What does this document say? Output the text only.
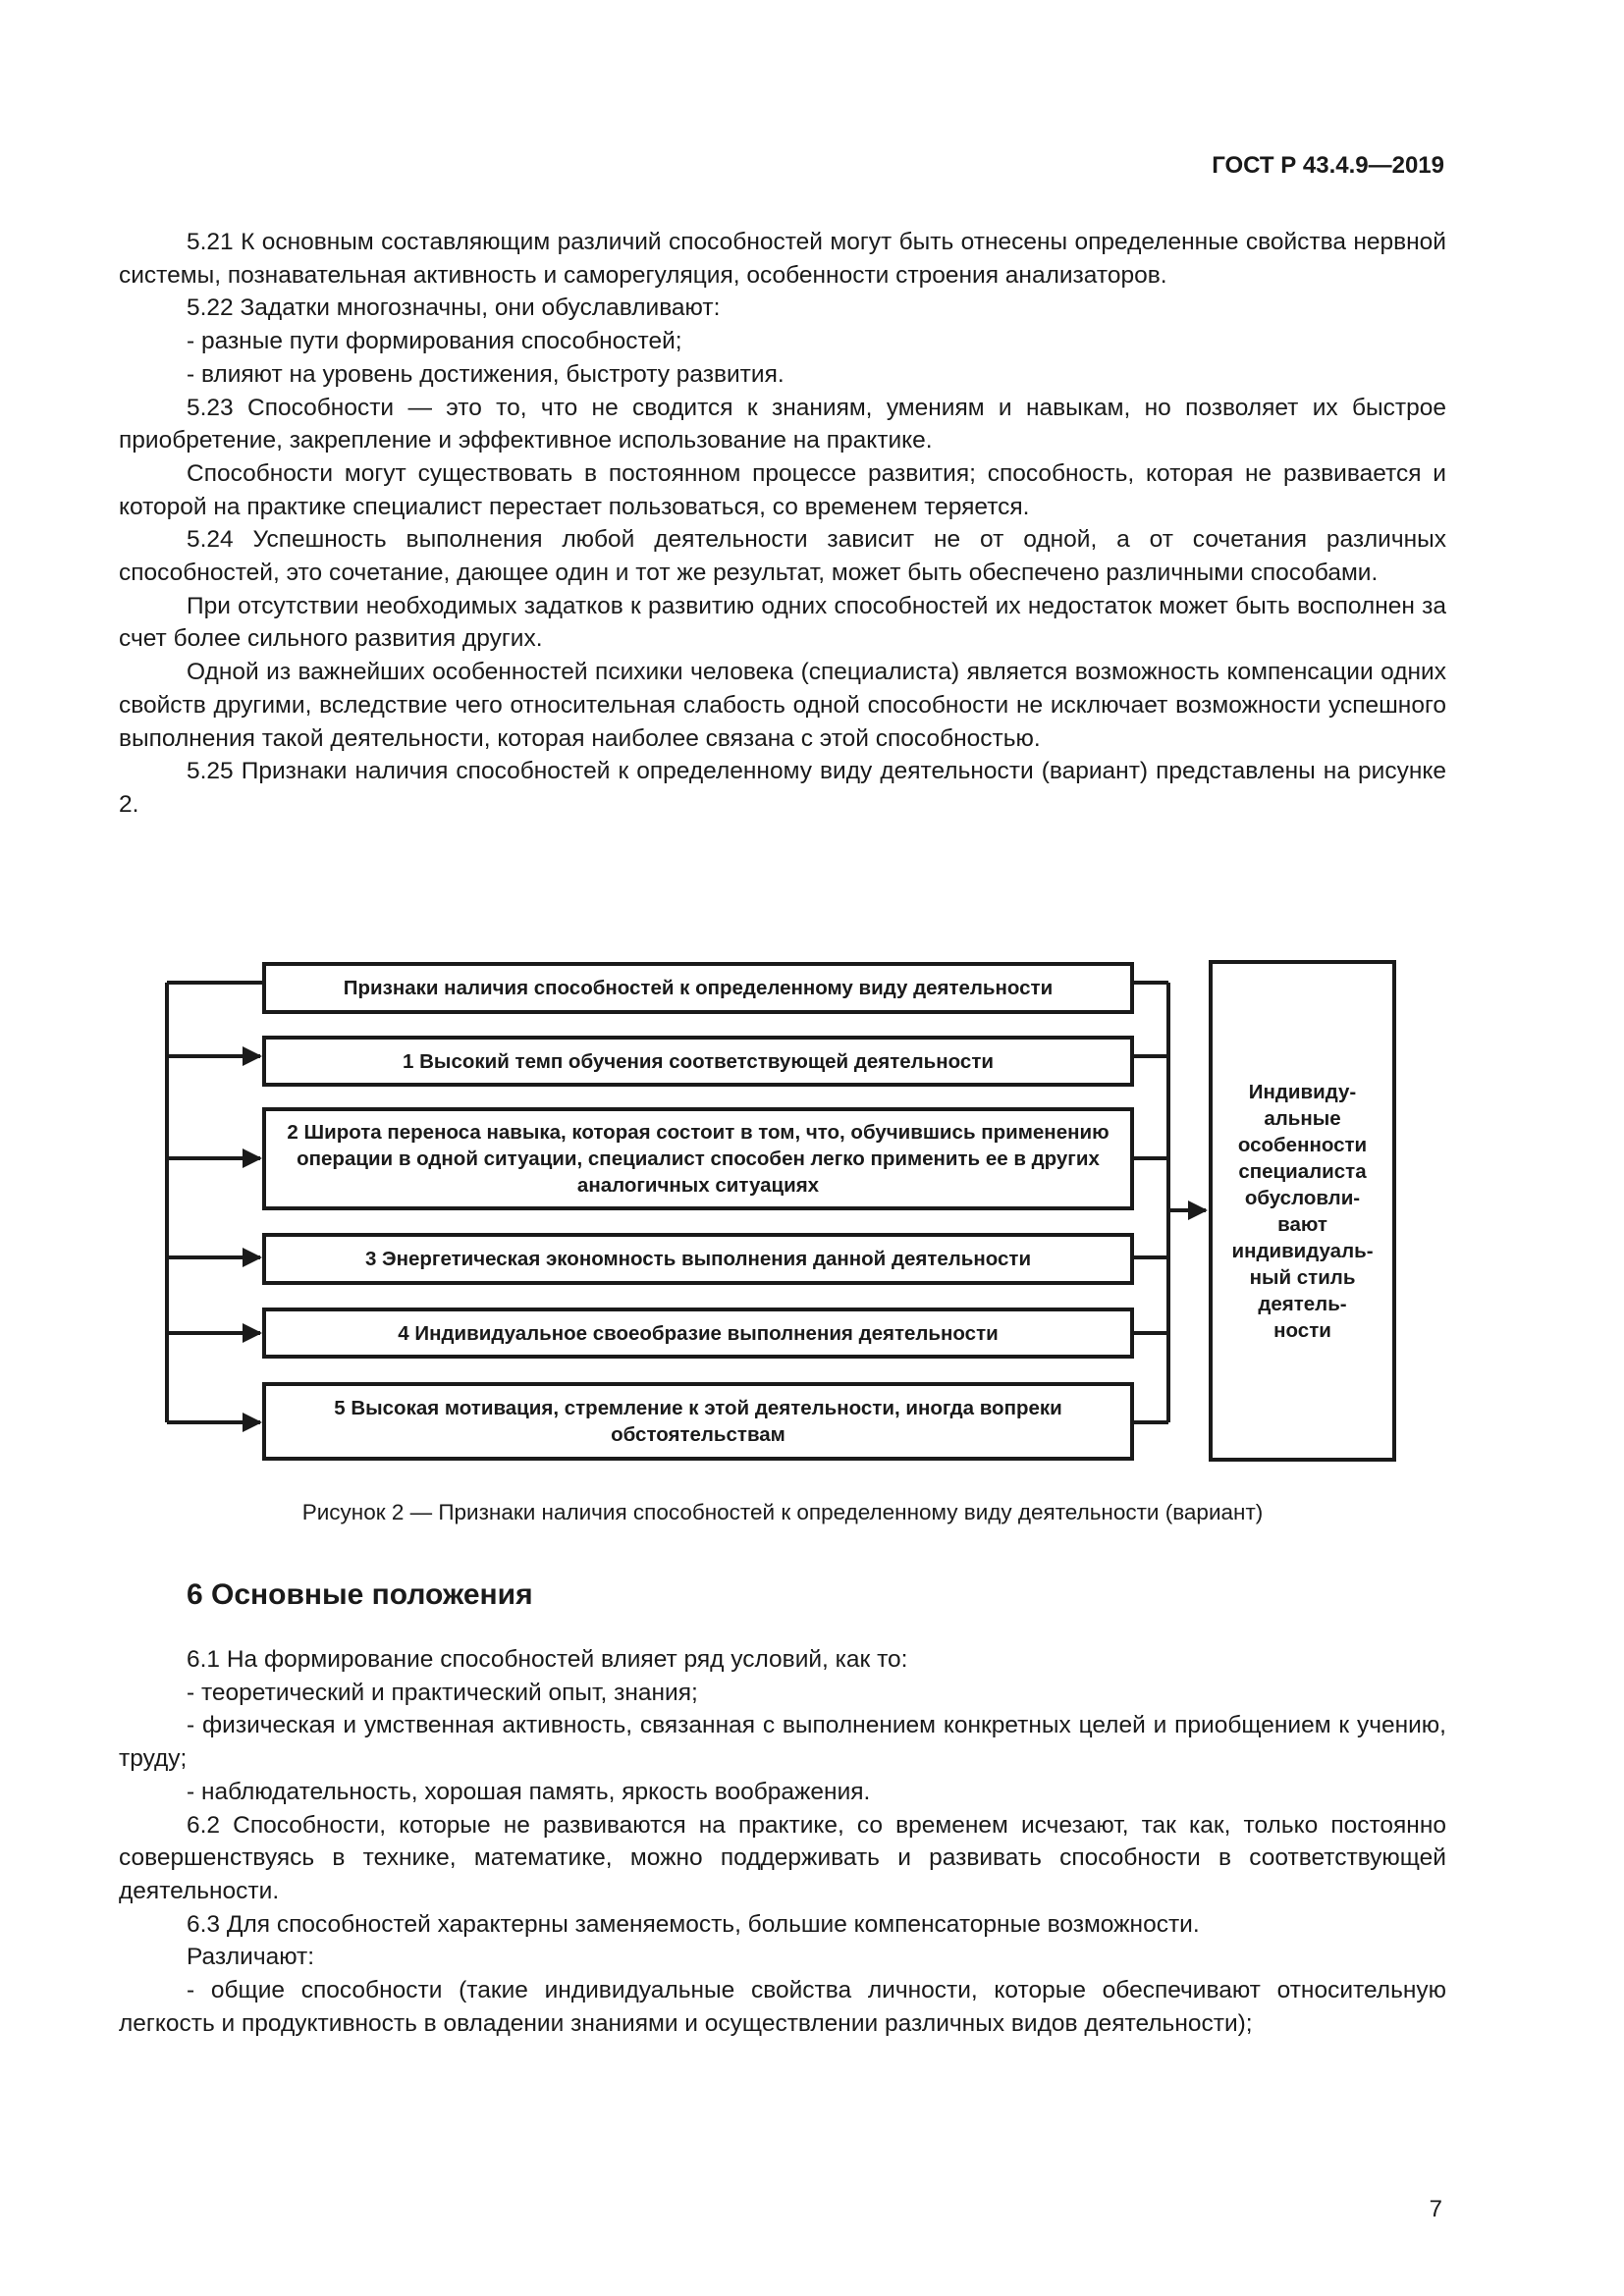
ГОСТ Р 43.4.9—2019

5.21 К основным составляющим различий способностей могут быть отнесены определенные свойства нервной системы, познавательная активность и саморегуляция, особенности строения анализаторов.

5.22 Задатки многозначны, они обуславливают:

- разные пути формирования способностей;

- влияют на уровень достижения, быстроту развития.

5.23 Способности — это то, что не сводится к знаниям, умениям и навыкам, но позволяет их быстрое приобретение, закрепление и эффективное использование на практике.

Способности могут существовать в постоянном процессе развития; способность, которая не развивается и которой на практике специалист перестает пользоваться, со временем теряется.

5.24 Успешность выполнения любой деятельности зависит не от одной, а от сочетания различных способностей, это сочетание, дающее один и тот же результат, может быть обеспечено различными способами.

При отсутствии необходимых задатков к развитию одних способностей их недостаток может быть восполнен за счет более сильного развития других.

Одной из важнейших особенностей психики человека (специалиста) является возможность компенсации одних свойств другими, вследствие чего относительная слабость одной способности не исключает возможности успешного выполнения такой деятельности, которая наиболее связана с этой способностью.

5.25 Признаки наличия способностей к определенному виду деятельности (вариант) представлены на рисунке 2.

Признаки наличия способностей к определенному виду деятельности
1 Высокий темп обучения соответствующей деятельности
2 Широта переноса навыка, которая состоит в том, что, обучившись применению операции в одной ситуации, специалист способен легко применить ее в других аналогичных ситуациях
3 Энергетическая экономность выполнения данной деятельности
4 Индивидуальное своеобразие выполнения деятельности
5 Высокая мотивация, стремление к этой деятельности, иногда вопреки обстоятельствам
Индивиду-
альные
особенности
специалиста
обусловли-
вают
индивидуаль-
ный стиль
деятель-
ности
Рисунок 2 — Признаки наличия способностей к определенному виду деятельности (вариант)
6 Основные положения

6.1 На формирование способностей влияет ряд условий, как то:

- теоретический и практический опыт, знания;

- физическая и умственная активность, связанная с выполнением конкретных целей и приобщением к учению, труду;

- наблюдательность, хорошая память, яркость воображения.

6.2 Способности, которые не развиваются на практике, со временем исчезают, так как, только постоянно совершенствуясь в технике, математике, можно поддерживать и развивать способности в соответствующей деятельности.

6.3 Для способностей характерны заменяемость, большие компенсаторные возможности.

Различают:

- общие способности (такие индивидуальные свойства личности, которые обеспечивают относительную легкость и продуктивность в овладении знаниями и осуществлении различных видов деятельности);

7
